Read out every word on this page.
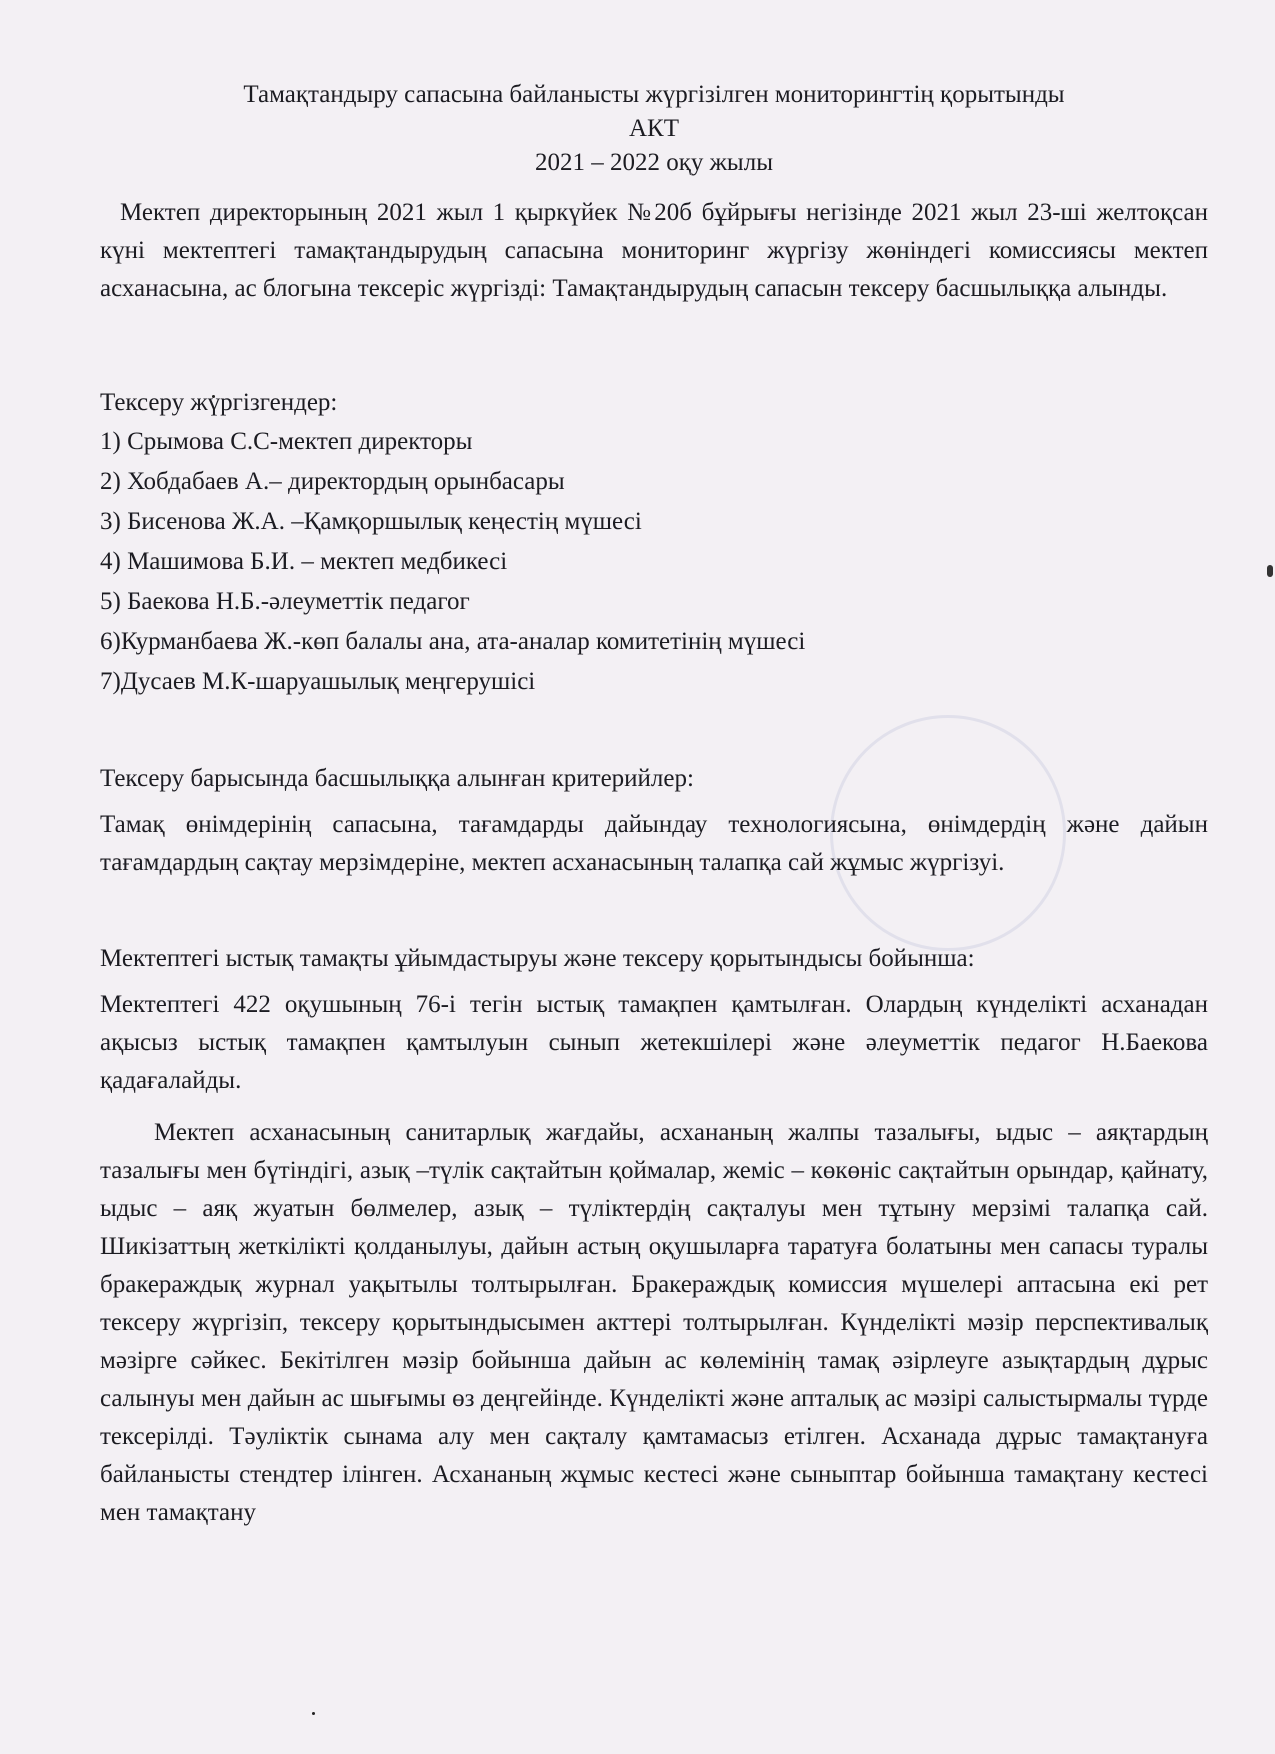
Тамақтандыру сапасына байланысты жүргізілген мониторингтің қорытынды
АКТ
2021 – 2022 оқу жылы

Мектеп директорының 2021 жыл 1 қыркүйек №20б бұйрығы негізінде 2021 жыл 23-ші желтоқсан күні мектептегі тамақтандырудың сапасына мониторинг жүргізу жөніндегі комиссиясы мектеп асханасына, ас блогына тексеріс жүргізді: Тамақтандырудың сапасын тексеру басшылыққа алынды.

Тексеру жүргізгендер:

1) Срымова С.С-мектеп директоры
2) Хобдабаев А.– директордың орынбасары
3) Бисенова Ж.А. –Қамқоршылық кеңестің мүшесі
4) Машимова Б.И. – мектеп медбикесі
5) Баекова Н.Б.-әлеуметтік педагог
6)Курманбаева Ж.-көп балалы ана, ата-аналар комитетінің мүшесі
7)Дусаев М.К-шаруашылық меңгерушісі

Тексеру барысында басшылыққа алынған критерийлер:

Тамақ өнімдерінің сапасына, тағамдарды дайындау технологиясына, өнімдердің және дайын тағамдардың сақтау мерзімдеріне, мектеп асханасының талапқа сай жұмыс жүргізуі.

Мектептегі ыстық тамақты ұйымдастыруы және тексеру қорытындысы бойынша:

Мектептегі 422 оқушының 76-і тегін ыстық тамақпен қамтылған. Олардың күнделікті асханадан ақысыз ыстық тамақпен қамтылуын сынып жетекшілері және әлеуметтік педагог Н.Баекова қадағалайды.

Мектеп асханасының санитарлық жағдайы, асхананың жалпы тазалығы, ыдыс – аяқтардың тазалығы мен бүтіндігі, азық –түлік сақтайтын қоймалар, жеміс – көкөніс сақтайтын орындар, қайнату, ыдыс – аяқ жуатын бөлмелер, азық – түліктердің сақталуы мен тұтыну мерзімі талапқа сай. Шикізаттың жеткілікті қолданылуы, дайын астың оқушыларға таратуға болатыны мен сапасы туралы бракераждық журнал уақытылы толтырылған. Бракераждық комиссия мүшелері аптасына екі рет тексеру жүргізіп, тексеру қорытындысымен акттері толтырылған. Күнделікті мәзір перспективалық мәзірге сәйкес. Бекітілген мәзір бойынша дайын ас көлемінің тамақ әзірлеуге азықтардың дұрыс салынуы мен дайын ас шығымы өз деңгейінде. Күнделікті және апталық ас мәзірі салыстырмалы түрде тексерілді. Тәуліктік сынама алу мен сақталу қамтамасыз етілген. Асханада дұрыс тамақтануға байланысты стендтер ілінген. Асхананың жұмыс кестесі және сыныптар бойынша тамақтану кестесі мен тамақтану
